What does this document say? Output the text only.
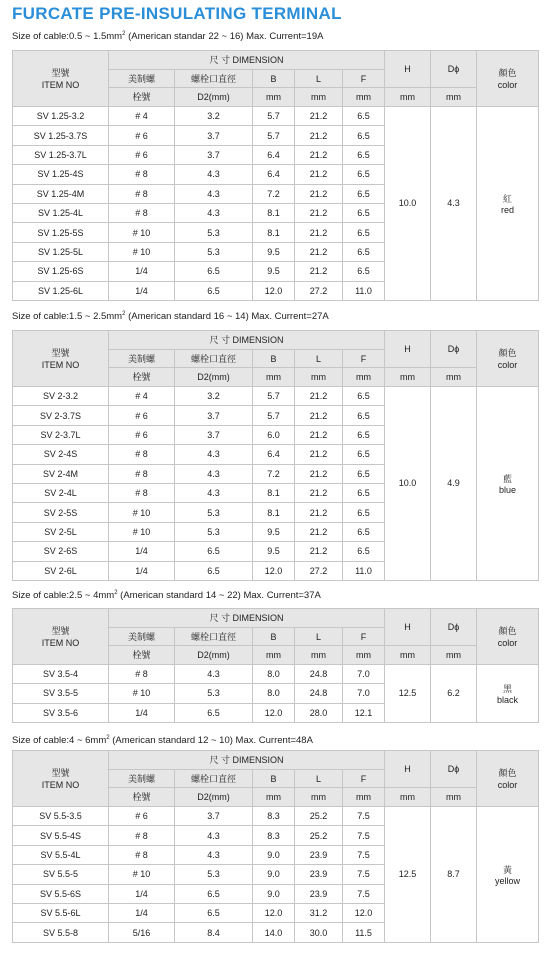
FURCATE PRE-INSULATING TERMINAL
Size of cable:0.5 ~ $1.5mm^2$ (American standar 22 ~ 16) Max. Current=19A
型號
ITEM NO	尺 寸 DIMENSION					H	Dϕ	顏色
color

	美制螺	螺栓口直徑	B	L	F			
	栓號	D2(mm)	mm	mm	mm	mm	mm	
SV 1.25-3.2	# 4	3.2	5.7	21.2	6.5	10.0	4.3	紅
red

SV 1.25-3.7S	# 6	3.7	5.7	21.2	6.5			
SV 1.25-3.7L	# 6	3.7	6.4	21.2	6.5			
SV 1.25-4S	# 8	4.3	6.4	21.2	6.5			
SV 1.25-4M	# 8	4.3	7.2	21.2	6.5			
SV 1.25-4L	# 8	4.3	8.1	21.2	6.5			
SV 1.25-5S	# 10	5.3	8.1	21.2	6.5			
SV 1.25-5L	# 10	5.3	9.5	21.2	6.5			
SV 1.25-6S	1/4	6.5	9.5	21.2	6.5			
SV 1.25-6L	1/4	6.5	12.0	27.2	11.0			
Size of cable:1.5 ~ $2.5mm^2$ (American standard 16 ~ 14) Max. Current=27A
型號
ITEM NO	尺 寸 DIMENSION					H	Dϕ	顏色
color

	美制螺	螺栓口直徑	B	L	F			
	栓號	D2(mm)	mm	mm	mm	mm	mm	
SV 2-3.2	# 4	3.2	5.7	21.2	6.5	10.0	4.9	藍
blue

SV 2-3.7S	# 6	3.7	5.7	21.2	6.5			
SV 2-3.7L	# 6	3.7	6.0	21.2	6.5			
SV 2-4S	# 8	4.3	6.4	21.2	6.5			
SV 2-4M	# 8	4.3	7.2	21.2	6.5			
SV 2-4L	# 8	4.3	8.1	21.2	6.5			
SV 2-5S	# 10	5.3	8.1	21.2	6.5			
SV 2-5L	# 10	5.3	9.5	21.2	6.5			
SV 2-6S	1/4	6.5	9.5	21.2	6.5			
SV 2-6L	1/4	6.5	12.0	27.2	11.0			
Size of cable:2.5 ~ $4mm^2$ (American standard 14 ~ 22) Max. Current=37A
型號
ITEM NO	尺 寸 DIMENSION					H	Dϕ	顏色
color

	美制螺	螺栓口直徑	B	L	F			
	栓號	D2(mm)	mm	mm	mm	mm	mm	
SV 3.5-4	# 8	4.3	8.0	24.8	7.0	12.5	6.2	黑
black

SV 3.5-5	# 10	5.3	8.0	24.8	7.0			
SV 3.5-6	1/4	6.5	12.0	28.0	12.1			
Size of cable:4 ~ $6mm^2$ (American standard 12 ~ 10) Max. Current=48A
型號
ITEM NO	尺 寸 DIMENSION					H	Dϕ	顏色
color

	美制螺	螺栓口直徑	B	L	F			
	栓號	D2(mm)	mm	mm	mm	mm	mm	
SV 5.5-3.5	# 6	3.7	8.3	25.2	7.5	12.5	8.7	黃
yellow

SV 5.5-4S	# 8	4.3	8.3	25.2	7.5			
SV 5.5-4L	# 8	4.3	9.0	23.9	7.5			
SV 5.5-5	# 10	5.3	9.0	23.9	7.5			
SV 5.5-6S	1/4	6.5	9.0	23.9	7.5			
SV 5.5-6L	1/4	6.5	12.0	31.2	12.0			
SV 5.5-8	5/16	8.4	14.0	30.0	11.5			
